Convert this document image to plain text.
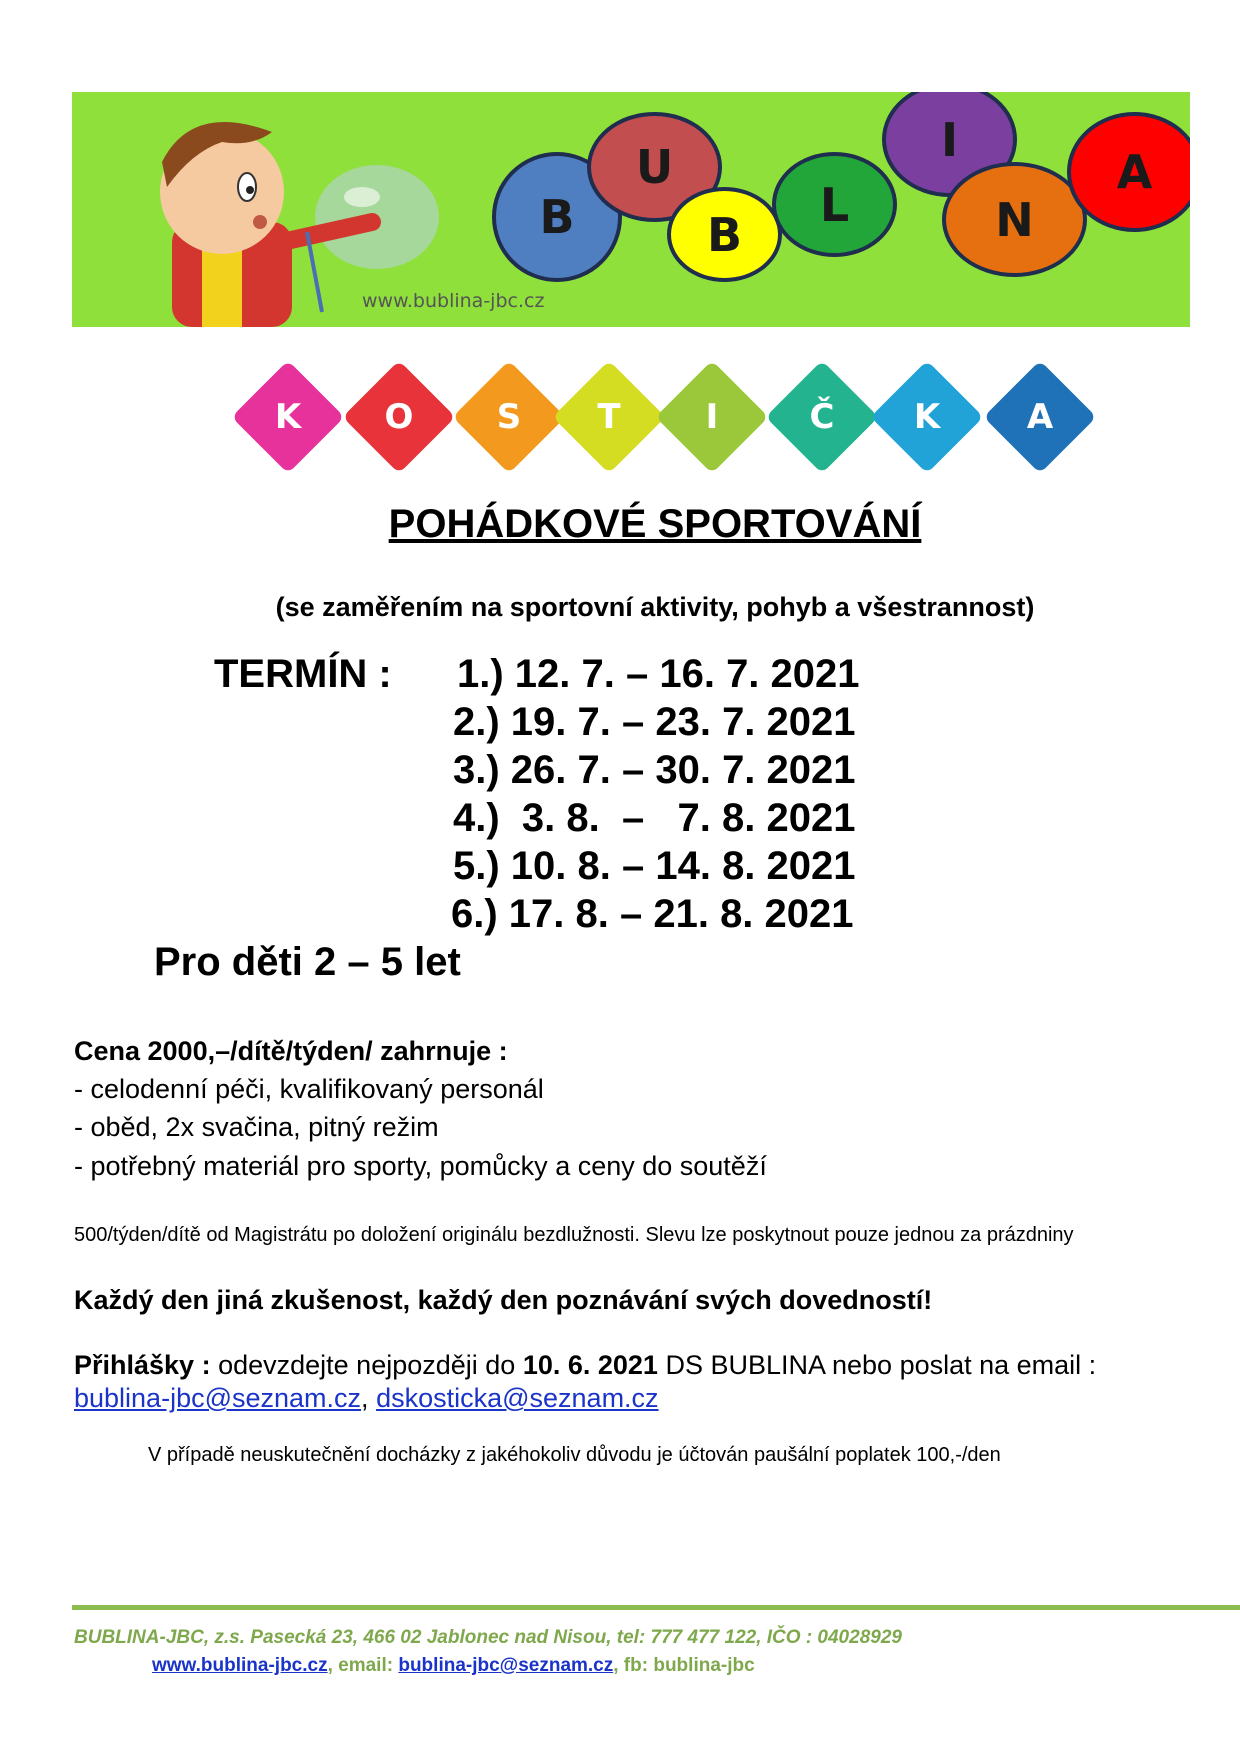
www.bublina-jbc.cz
B
U
B
L
I
N
A
K	O	S	T	I	Č	K	A
POHÁDKOVÉ SPORTOVÁNÍ
(se zaměřením na sportovní aktivity, pohyb a všestrannost)
TERMÍN : 1.) 12. 7. – 16. 7. 2021
2.) 19. 7. – 23. 7. 2021
3.) 26. 7. – 30. 7. 2021
4.)  3. 8.  –   7. 8. 2021
5.) 10. 8. – 14. 8. 2021
6.) 17. 8. – 21. 8. 2021
Pro děti 2 – 5 let
Cena 2000,–/dítě/týden/ zahrnuje :
- celodenní péči, kvalifikovaný personál
- oběd, 2x svačina, pitný režim
- potřebný materiál pro sporty, pomůcky a ceny do soutěží
500/týden/dítě od Magistrátu po doložení originálu bezdlužnosti. Slevu lze poskytnout pouze jednou za prázdniny
Každý den jiná zkušenost, každý den poznávání svých dovedností!
Přihlášky : odevzdejte nejpozději do 10. 6. 2021 DS BUBLINA nebo poslat na email :
bublina-jbc@seznam.cz, dskosticka@seznam.cz
V případě neuskutečnění docházky z jakéhokoliv důvodu je účtován paušální poplatek 100,-/den
BUBLINA-JBC, z.s. Pasecká 23, 466 02 Jablonec nad Nisou, tel: 777 477 122, IČO : 04028929
www.bublina-jbc.cz, email: bublina-jbc@seznam.cz, fb: bublina-jbc
